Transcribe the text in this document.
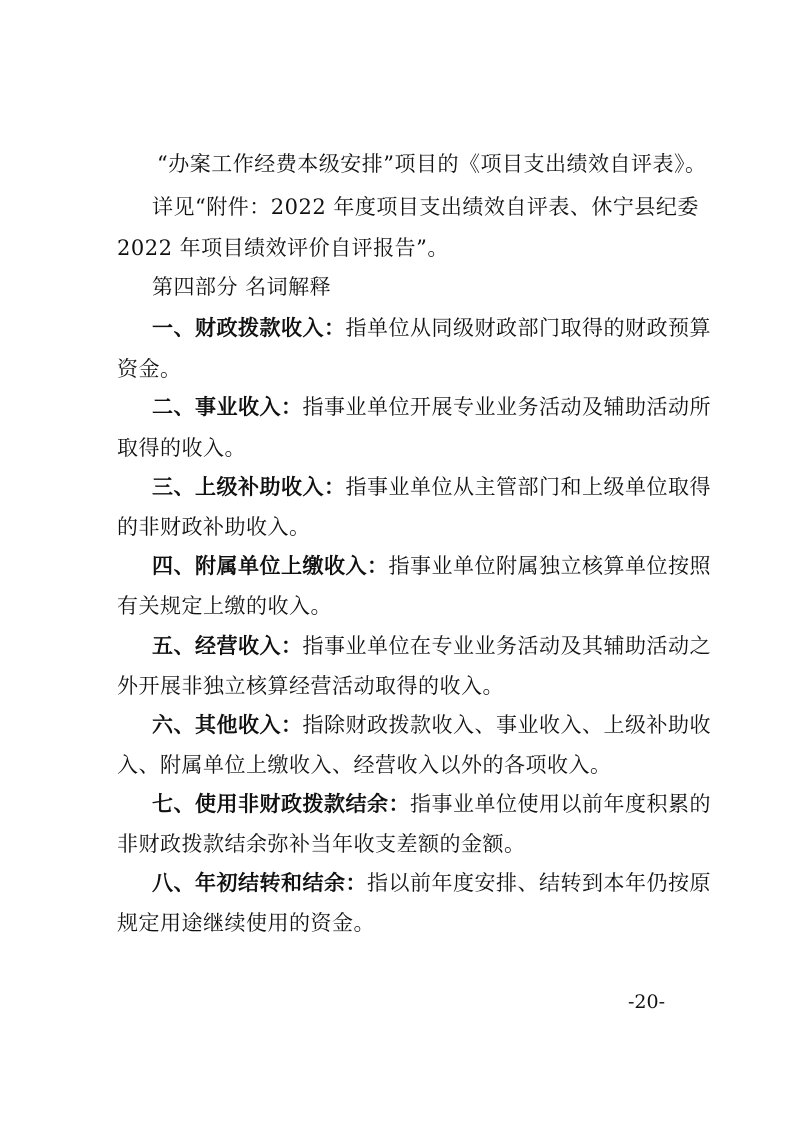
“办案工作经费本级安排”项目的《项目支出绩效自评表》。
详见“附件：2022 年度项目支出绩效自评表、休宁县纪委
2022 年项目绩效评价自评报告”。
第四部分 名词解释
一、财政拨款收入：指单位从同级财政部门取得的财政预算
资金。
二、事业收入：指事业单位开展专业业务活动及辅助活动所
取得的收入。
三、上级补助收入：指事业单位从主管部门和上级单位取得
的非财政补助收入。
四、附属单位上缴收入：指事业单位附属独立核算单位按照
有关规定上缴的收入。
五、经营收入：指事业单位在专业业务活动及其辅助活动之
外开展非独立核算经营活动取得的收入。
六、其他收入：指除财政拨款收入、事业收入、上级补助收
入、附属单位上缴收入、经营收入以外的各项收入。
七、使用非财政拨款结余：指事业单位使用以前年度积累的
非财政拨款结余弥补当年收支差额的金额。
八、年初结转和结余：指以前年度安排、结转到本年仍按原
规定用途继续使用的资金。
-20-
